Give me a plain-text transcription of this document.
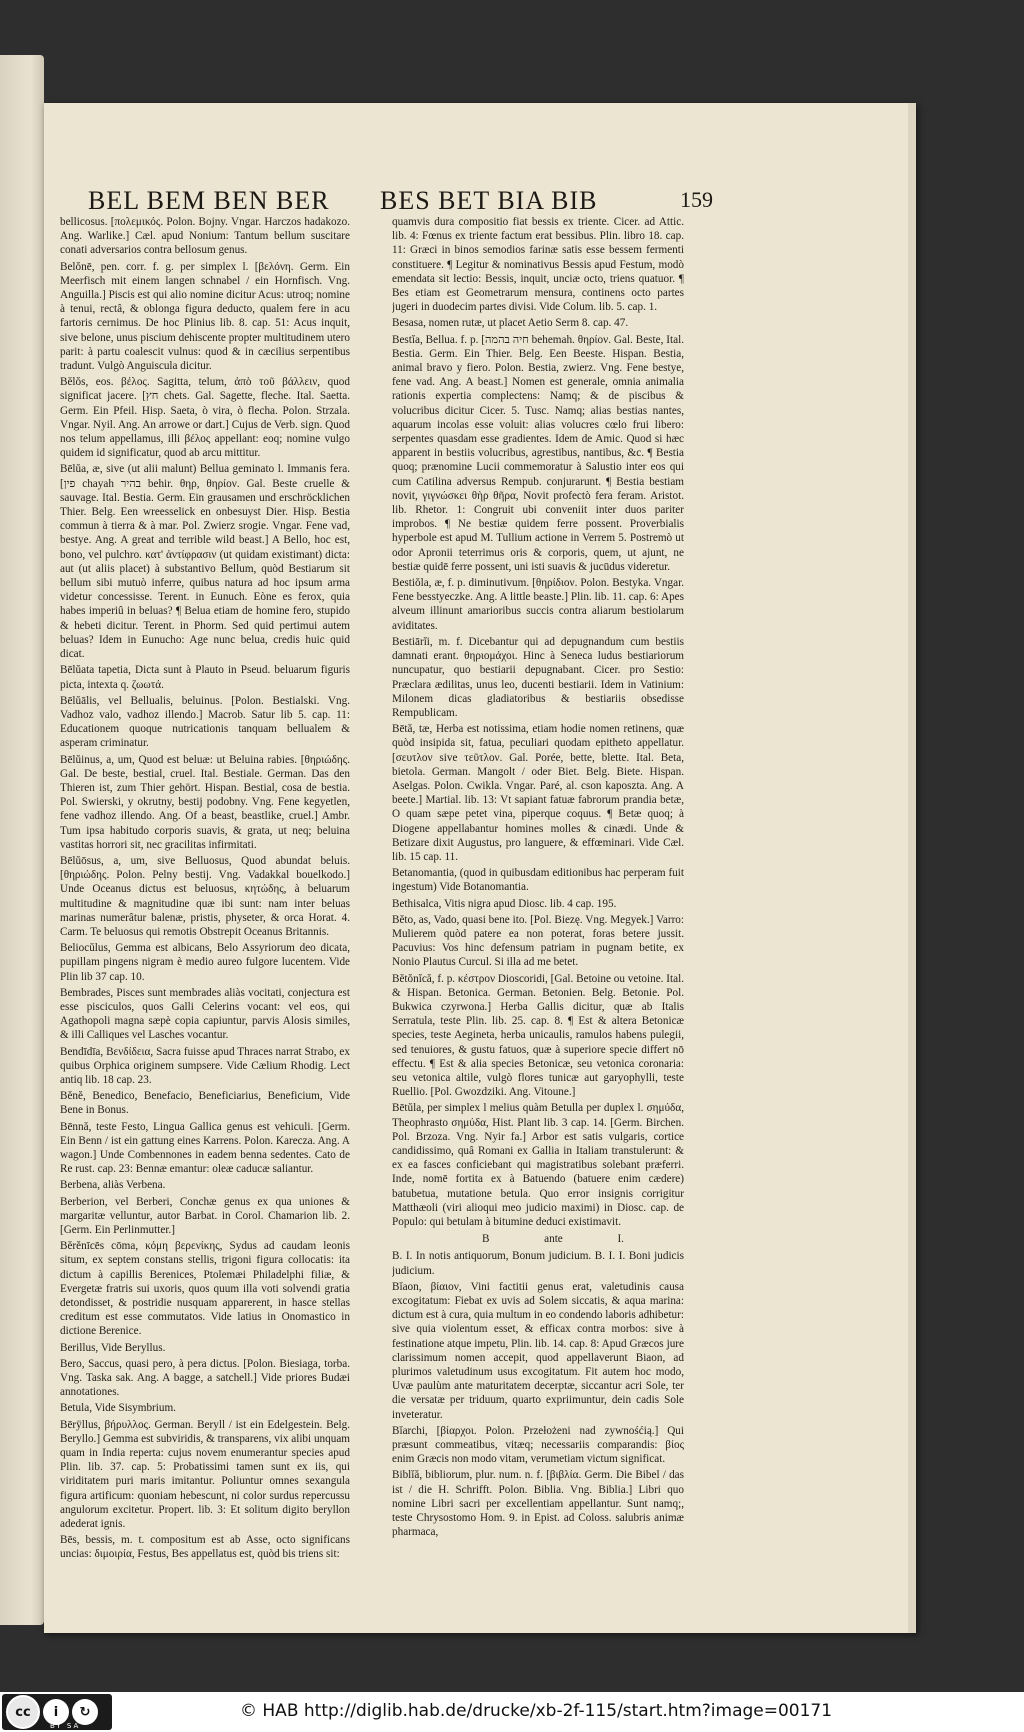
BEL BEM BEN BER BES BET BIA BIB	159

bellicosus. [πολεμικός. Polon. Bojny. Vngar. Harczos hadakozo. Ang. Warlike.] Cæl. apud Nonium: Tantum bellum suscitare conati adversarios contra bellosum genus.

Belŏnē, pen. corr. f. g. per simplex l. [βελόνη. Germ. Ein Meerfisch mit einem langen schnabel / ein Hornfisch. Vng. Anguilla.] Piscis est qui alio nomine dicitur Acus: utroq; nomine à tenui, rectâ, & oblonga figura deducto, qualem fere in acu fartoris cernimus. De hoc Plinius lib. 8. cap. 51: Acus inquit, sive belone, unus piscium dehiscente propter multitudinem utero parit: à partu coalescit vulnus: quod & in cæcilius serpentibus tradunt. Vulgò Anguiscula dicitur.

Bĕlŏs, eos. βέλος. Sagitta, telum, ἀπὸ τοῦ βάλλειν, quod significat jacere. [חץ chets. Gal. Sagette, fleche. Ital. Saetta. Germ. Ein Pfeil. Hisp. Saeta, ò vira, ò flecha. Polon. Strzala. Vngar. Nyil. Ang. An arrowe or dart.] Cujus de Verb. sign. Quod nos telum appellamus, illi βέλος appellant: eoq; nomine vulgo quidem id significatur, quod ab arcu mittitur.

Bēlŭa, æ, sive (ut alii malunt) Bellua geminato l. Immanis fera. [פין chayah בהיר behir. θηρ, θηρίον. Gal. Beste cruelle & sauvage. Ital. Bestia. Germ. Ein grausamen und erschröcklichen Thier. Belg. Een wreesselick en onbesuyst Dier. Hisp. Bestia commun à tierra & à mar. Pol. Zwierz srogie. Vngar. Fene vad, bestye. Ang. A great and terrible wild beast.] A Bello, hoc est, bono, vel pulchro. κατ' ἀντίφρασιν (ut quidam existimant) dicta: aut (ut aliis placet) à substantivo Bellum, quòd Bestiarum sit bellum sibi mutuò inferre, quibus natura ad hoc ipsum arma videtur concessisse. Terent. in Eunuch. Eòne es ferox, quia habes imperiû in beluas? ¶ Belua etiam de homine fero, stupido & hebeti dicitur. Terent. in Phorm. Sed quid pertimui autem beluas? Idem in Eunucho: Age nunc belua, credis huic quid dicat.

Bēlŭata tapetia, Dicta sunt à Plauto in Pseud. beluarum figuris picta, intexta q. ζωωτά.

Bēlŭālis, vel Bellualis, beluinus. [Polon. Bestialski. Vng. Vadhoz valo, vadhoz illendo.] Macrob. Satur lib 5. cap. 11: Educationem quoque nutricationis tanquam bellualem & asperam criminatur.

Bēlŭinus, a, um, Quod est beluæ: ut Beluina rabies. [θηριώδης. Gal. De beste, bestial, cruel. Ital. Bestiale. German. Das den Thieren ist, zum Thier gehört. Hispan. Bestial, cosa de bestia. Pol. Swierski, y okrutny, bestij podobny. Vng. Fene kegyetlen, fene vadhoz illendo. Ang. Of a beast, beastlike, cruel.] Ambr. Tum ipsa habitudo corporis suavis, & grata, ut neq; beluina vastitas horrori sit, nec gracilitas infirmitati.

Bēlŭōsus, a, um, sive Belluosus, Quod abundat beluis. [θηριώδης. Polon. Pelny bestij. Vng. Vadakkal bouelkodo.] Unde Oceanus dictus est beluosus, κητώδης, à beluarum multitudine & magnitudine quæ ibi sunt: nam inter beluas marinas numerâtur balenæ, pristis, physeter, & orca Horat. 4. Carm. Te beluosus qui remotis Obstrepit Oceanus Britannis.

Beliocŭlus, Gemma est albicans, Belo Assyriorum deo dicata, pupillam pingens nigram è medio aureo fulgore lucentem. Vide Plin lib 37 cap. 10.

Bembrades, Pisces sunt membrades aliàs vocitati, conjectura est esse pisciculos, quos Galli Celerins vocant: vel eos, qui Agathopoli magna sæpè copia capiuntur, parvis Alosis similes, & illi Calliques vel Lasches vocantur.

Bendīdīa, Βενδίδεια, Sacra fuisse apud Thraces narrat Strabo, ex quibus Orphica originem sumpsere. Vide Cælium Rhodig. Lect antiq lib. 18 cap. 23.

Bĕnĕ, Benedico, Benefacio, Beneficiarius, Beneficium, Vide Bene in Bonus.

Bēnnă, teste Festo, Lingua Gallica genus est vehiculi. [Germ. Ein Benn / ist ein gattung eines Karrens. Polon. Karecza. Ang. A wagon.] Unde Combennones in eadem benna sedentes. Cato de Re rust. cap. 23: Bennæ emantur: oleæ caducæ saliantur.

Berbena, aliàs Verbena.

Berberion, vel Berberi, Conchæ genus ex qua uniones & margaritæ velluntur, autor Barbat. in Corol. Chamarion lib. 2. [Germ. Ein Perlinmutter.]

Bĕrĕnīcēs cōma, κόμη βερενίκης, Sydus ad caudam leonis situm, ex septem constans stellis, trigoni figura collocatis: ita dictum à capillis Berenices, Ptolemæi Philadelphi filiæ, & Evergetæ fratris sui uxoris, quos quum illa voti solvendi gratia detondisset, & postridie nusquam apparerent, in hasce stellas creditum est esse commutatos. Vide latius in Onomastico in dictione Berenice.

Berillus, Vide Beryllus.

Bero, Saccus, quasi pero, à pera dictus. [Polon. Biesiaga, torba. Vng. Taska sak. Ang. A bagge, a satchell.] Vide priores Budæi annotationes.

Betula, Vide Sisymbrium.

Bērÿllus, βήρυλλος. German. Beryll / ist ein Edelgestein. Belg. Beryllo.] Gemma est subviridis, & transparens, vix alibi unquam quam in India reperta: cujus novem enumerantur species apud Plin. lib. 37. cap. 5: Probatissimi tamen sunt ex iis, qui viriditatem puri maris imitantur. Poliuntur omnes sexangula figura artificum: quoniam hebescunt, ni color surdus repercussu angulorum excitetur. Propert. lib. 3: Et solitum digito beryllon adederat ignis.

Bēs, bessis, m. t. compositum est ab Asse, octo significans uncias: διμοιρία, Festus, Bes appellatus est, quòd bis triens sit:

quamvis dura compositio fiat bessis ex triente. Cicer. ad Attic. lib. 4: Fœnus ex triente factum erat bessibus. Plin. libro 18. cap. 11: Græci in binos semodios farinæ satis esse bessem fermenti constituere. ¶ Legitur & nominativus Bessis apud Festum, modò emendata sit lectio: Bessis, inquit, unciæ octo, triens quatuor. ¶ Bes etiam est Geometrarum mensura, continens octo partes jugeri in duodecim partes divisi. Vide Colum. lib. 5. cap. 1.

Besasa, nomen rutæ, ut placet Aetio Serm 8. cap. 47.

Bestĭa, Bellua. f. p. [חיה בהמה behemah. θηρίον. Gal. Beste, Ital. Bestia. Germ. Ein Thier. Belg. Een Beeste. Hispan. Bestia, animal bravo y fiero. Polon. Bestia, zwierz. Vng. Fene bestye, fene vad. Ang. A beast.] Nomen est generale, omnia animalia rationis expertia complectens: Namq; & de piscibus & volucribus dicitur Cicer. 5. Tusc. Namq; alias bestias nantes, aquarum incolas esse voluit: alias volucres cœlo frui libero: serpentes quasdam esse gradientes. Idem de Amic. Quod si hæc apparent in bestiis volucribus, agrestibus, nantibus, &c. ¶ Bestia quoq; prænomine Lucii commemoratur à Salustio inter eos qui cum Catilina adversus Rempub. conjurarunt. ¶ Bestia bestiam novit, γιγνώσκει θὴρ θῆρα, Novit profectò fera feram. Aristot. lib. Rhetor. 1: Congruit ubi conveniit inter duos pariter improbos. ¶ Ne bestiæ quidem ferre possent. Proverbialis hyperbole est apud M. Tullium actione in Verrem 5. Postremò ut odor Apronii teterrimus oris & corporis, quem, ut ajunt, ne bestiæ quidē ferre possent, uni isti suavis & jucūdus videretur.

Bestiŏla, æ, f. p. diminutivum. [θηρίδιον. Polon. Bestyka. Vngar. Fene besstyeczke. Ang. A little beaste.] Plin. lib. 11. cap. 6: Apes alveum illinunt amarioribus succis contra aliarum bestiolarum aviditates.

Bestiārĭi, m. f. Dicebantur qui ad depugnandum cum bestiis damnati erant. θηριομάχοι. Hinc à Seneca ludus bestiariorum nuncupatur, quo bestiarii depugnabant. Cicer. pro Sestio: Præclara ædilitas, unus leo, ducenti bestiarii. Idem in Vatinium: Milonem dicas gladiatoribus & bestiariis obsedisse Rempublicam.

Bētă, tæ, Herba est notissima, etiam hodie nomen retinens, quæ quòd insipida sit, fatua, peculiari quodam epitheto appellatur. [σευτλον sive τεῦτλον. Gal. Porée, bette, blette. Ital. Beta, bietola. German. Mangolt / oder Biet. Belg. Biete. Hispan. Aselgas. Polon. Cwikla. Vngar. Paré, al. cson kaposzta. Ang. A beete.] Martial. lib. 13: Vt sapiant fatuæ fabrorum prandia betæ, O quam sæpe petet vina, piperque coquus. ¶ Betæ quoq; à Diogene appellabantur homines molles & cinædi. Unde & Betizare dixit Augustus, pro languere, & effœminari. Vide Cæl. lib. 15 cap. 11.

Betanomantia, (quod in quibusdam editionibus hac perperam fuit ingestum) Vide Botanomantia.

Bethisalca, Vitis nigra apud Diosc. lib. 4 cap. 195.

Bĕto, as, Vado, quasi bene ito. [Pol. Biezę. Vng. Megyek.] Varro: Mulierem quòd patere ea non poterat, foras betere jussit. Pacuvius: Vos hinc defensum patriam in pugnam betite, ex Nonio Plautus Curcul. Si illa ad me betet.

Bĕtŏnĭcă, f. p. κέστρον Dioscoridi, [Gal. Betoine ou vetoine. Ital. & Hispan. Betonica. German. Betonien. Belg. Betonie. Pol. Bukwica czyrwona.] Herba Gallis dicitur, quæ ab Italis Serratula, teste Plin. lib. 25. cap. 8. ¶ Est & altera Betonicæ species, teste Aegineta, herba unicaulis, ramulos habens pulegii, sed tenuiores, & gustu fatuos, quæ à superiore specie differt nō effectu. ¶ Est & alia species Betonicæ, seu vetonica coronaria: seu vetonica altile, vulgò flores tunicæ aut garyophylli, teste Ruellio. [Pol. Gwozdziki. Ang. Vitoune.]

Bētŭla, per simplex l melius quàm Betulla per duplex l. σημύδα, Theophrasto σημύδα, Hist. Plant lib. 3 cap. 14. [Germ. Birchen. Pol. Brzoza. Vng. Nyir fa.] Arbor est satis vulgaris, cortice candidissimo, quâ Romani ex Gallia in Italiam transtulerunt: & ex ea fasces conficiebant qui magistratibus solebant præferri. Inde, nomē fortita ex à Batuendo (batuere enim cædere) batubetua, mutatione betula. Quo error insignis corrigitur Matthæoli (viri alioqui meo judicio maximi) in Diosc. cap. de Populo: qui betulam à bitumine deduci existimavit.

B	ante	I.

B. I. In notis antiquorum, Bonum judicium. B. I. I. Boni judicis judicium.

Bĭaon, βίαιον, Vini factitii genus erat, valetudinis causa excogitatum: Fiebat ex uvis ad Solem siccatis, & aqua marina: dictum est à cura, quia multum in eo condendo laboris adhibetur: sive quia violentum esset, & efficax contra morbos: sive à festinatione atque impetu, Plin. lib. 14. cap. 8: Apud Græcos jure clarissimum nomen accepit, quod appellaverunt Biaon, ad plurimos valetudinum usus excogitatum. Fit autem hoc modo, Uvæ paulùm ante maturitatem decerptæ, siccantur acri Sole, ter die versatæ per triduum, quarto expriimuntur, dein cadis Sole inveteratur.

Bĭarchi, [βίαρχοι. Polon. Przełożeni nad zywnośćią.] Qui præsunt commeatibus, vitæq; necessariis comparandis: βίος enim Græcis non modo vitam, verumetiam victum significat.

Biblĭă, bibliorum, plur. num. n. f. [βιβλία. Germ. Die Bibel / das ist / die H. Schrifft. Polon. Biblia. Vng. Biblia.] Libri quo nomine Libri sacri per excellentiam appellantur. Sunt namq;, teste Chrysostomo Hom. 9. in Epist. ad Coloss. salubris animæ pharmaca,

cc	i	↻
BY SA
© HAB http://diglib.hab.de/drucke/xb-2f-115/start.htm?image=00171
